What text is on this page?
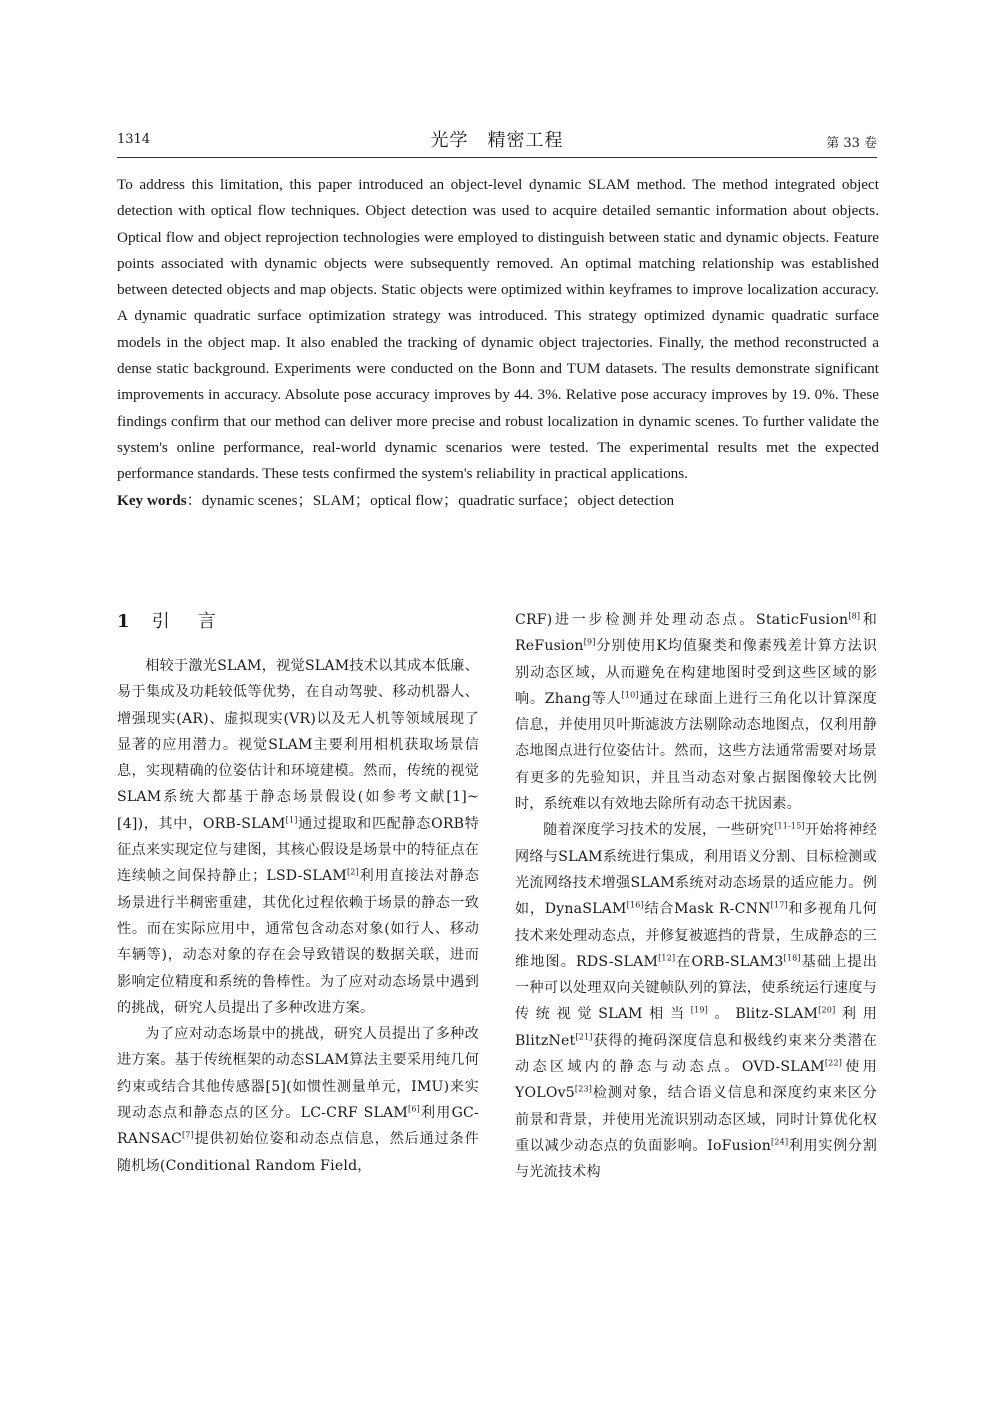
1314	光学　精密工程	第 33 卷

To address this limitation, this paper introduced an object-level dynamic SLAM method. The method integrated object detection with optical flow techniques. Object detection was used to acquire detailed semantic information about objects. Optical flow and object reprojection technologies were employed to distinguish between static and dynamic objects. Feature points associated with dynamic objects were subsequently removed. An optimal matching relationship was established between detected objects and map objects. Static objects were optimized within keyframes to improve localization accuracy. A dynamic quadratic surface optimization strategy was introduced. This strategy optimized dynamic quadratic surface models in the object map. It also enabled the tracking of dynamic object trajectories. Finally, the method reconstructed a dense static background. Experiments were conducted on the Bonn and TUM datasets. The results demonstrate significant improvements in accuracy. Absolute pose accuracy improves by 44. 3%. Relative pose accuracy improves by 19. 0%. These findings confirm that our method can deliver more precise and robust localization in dynamic scenes. To further validate the system's online performance, real-world dynamic scenarios were tested. The experimental results met the expected performance standards. These tests confirmed the system's reliability in practical applications.

Key words：dynamic scenes；SLAM；optical flow；quadratic surface；object detection

1 引言

相较于激光SLAM，视觉SLAM技术以其成本低廉、易于集成及功耗较低等优势，在自动驾驶、移动机器人、增强现实(AR)、虚拟现实(VR)以及无人机等领域展现了显著的应用潜力。视觉SLAM主要利用相机获取场景信息，实现精确的位姿估计和环境建模。然而，传统的视觉SLAM系统大都基于静态场景假设(如参考文献[1]~[4])，其中，ORB-SLAM[1]通过提取和匹配静态ORB特征点来实现定位与建图，其核心假设是场景中的特征点在连续帧之间保持静止；LSD-SLAM[2]利用直接法对静态场景进行半稠密重建，其优化过程依赖于场景的静态一致性。而在实际应用中，通常包含动态对象(如行人、移动车辆等)，动态对象的存在会导致错误的数据关联，进而影响定位精度和系统的鲁棒性。为了应对动态场景中遇到的挑战，研究人员提出了多种改进方案。

为了应对动态场景中的挑战，研究人员提出了多种改进方案。基于传统框架的动态SLAM算法主要采用纯几何约束或结合其他传感器[5](如惯性测量单元，IMU)来实现动态点和静态点的区分。LC-CRF SLAM[6]利用GC-RANSAC[7]提供初始位姿和动态点信息，然后通过条件随机场(Conditional Random Field，

CRF)进一步检测并处理动态点。StaticFusion[8]和ReFusion[9]分别使用K均值聚类和像素残差计算方法识别动态区域，从而避免在构建地图时受到这些区域的影响。Zhang等人[10]通过在球面上进行三角化以计算深度信息，并使用贝叶斯滤波方法剔除动态地图点，仅利用静态地图点进行位姿估计。然而，这些方法通常需要对场景有更多的先验知识，并且当动态对象占据图像较大比例时，系统难以有效地去除所有动态干扰因素。

随着深度学习技术的发展，一些研究[11-15]开始将神经网络与SLAM系统进行集成，利用语义分割、目标检测或光流网络技术增强SLAM系统对动态场景的适应能力。例如，DynaSLAM[16]结合Mask R-CNN[17]和多视角几何技术来处理动态点，并修复被遮挡的背景，生成静态的三维地图。RDS-SLAM[12]在ORB-SLAM3[18]基础上提出一种可以处理双向关键帧队列的算法，使系统运行速度与传统视觉SLAM相当[19]。Blitz-SLAM[20]利用BlitzNet[21]获得的掩码深度信息和极线约束来分类潜在动态区域内的静态与动态点。OVD-SLAM[22]使用YOLOv5[23]检测对象，结合语义信息和深度约束来区分前景和背景，并使用光流识别动态区域，同时计算优化权重以减少动态点的负面影响。IoFusion[24]利用实例分割与光流技术构
